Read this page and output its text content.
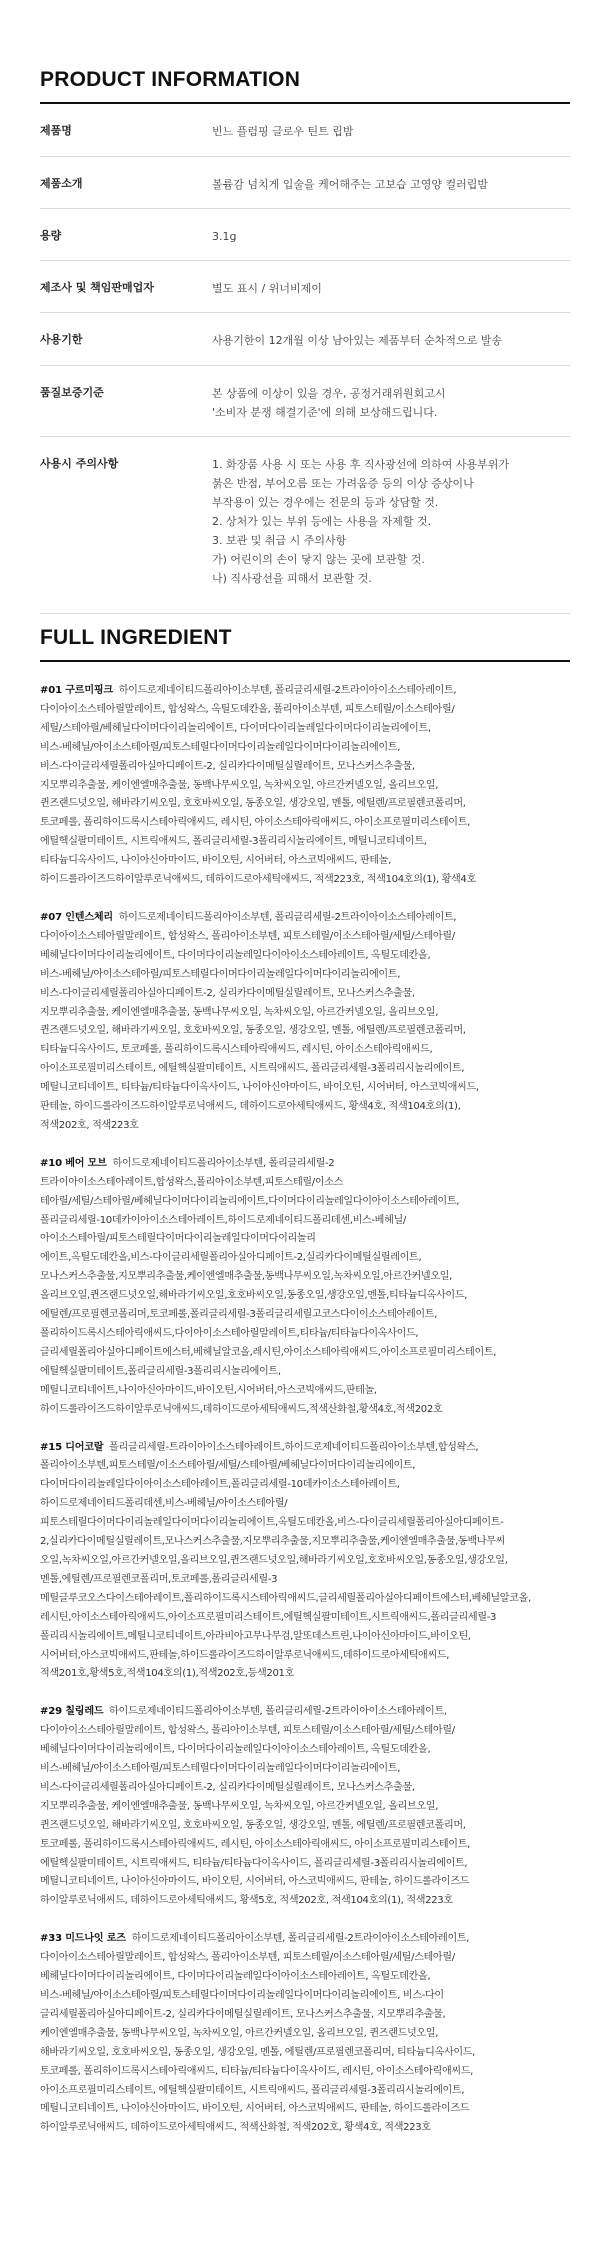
PRODUCT INFORMATION
제품명	빈느 플럼핑 글로우 틴트 립밤
제품소개	볼륨감 넘치게 입술을 케어해주는 고보습 고영양 컬러립밤
용량	3.1g
제조사 및 책임판매업자	별도 표시 / 위너비제이
사용기한	사용기한이 12개월 이상 남아있는 제품부터 순차적으로 발송
품질보증기준	본 상품에 이상이 있을 경우, 공정거래위원회고시
'소비자 분쟁 해결기준'에 의해 보상해드립니다.
사용시 주의사항	1. 화장품 사용 시 또는 사용 후 직사광선에 의하여 사용부위가
붉은 반점, 부어오름 또는 가려움증 등의 이상 증상이나
부작용이 있는 경우에는 전문의 등과 상담할 것.
2. 상처가 있는 부위 등에는 사용을 자제할 것.
3. 보관 및 취급 시 주의사항
가) 어린이의 손이 닿지 않는 곳에 보관할 것.
나) 직사광선을 피해서 보관할 것.
FULL INGREDIENT
#01 구르미핑크 하이드로제네이티드폴리아이소부텐, 폴리글리세릴-2트라이아이소스테아레이트,
다이아이소스테아릴말레이트, 합성왁스, 옥틸도데칸올, 폴리아이소부텐, 피토스테릴/이소스테아릴/
세틸/스테아릴/베헤닐다이머다이리놀리에이트, 다이머다이리놀레일다이머다이리놀리에이트,
비스-베헤닐/아이소스테아릴/피토스테릴다이머다이리놀레일다이머다이리놀리에이트,
비스-다이글리세릴폴리아실아디페이트-2, 실리카다이메틸실릴레이트, 모나스커스추출물,
지모뿌리추출물, 케이엔엘매추출물, 동백나무씨오일, 녹차씨오일, 아르간커넬오일, 올리브오일,
퀸즈랜드넛오일, 해바라기씨오일, 호호바씨오일, 동종오일, 생강오일, 멘톨, 에틸렌/프로필렌코폴리머,
토코페롤, 폴리하이드록시스테아릭애씨드, 레시틴, 아이소스테아릭애씨드, 아이소프로필미리스테이트,
에틸헥실팔미테이트, 시트릭애씨드, 폴리글리세릴-3폴리리시놀리에이트, 메틸니코티네이트,
티타늄디옥사이드, 나이아신아마이드, 바이오틴, 시어버터, 아스코빅애씨드, 판테놀,
하이드롤라이즈드하이알루로닉애씨드, 데하이드로아세틱애씨드, 적색223호, 적색104호의(1), 황색4호
#07 인텐스체리 하이드로제네이티드폴리아이소부텐, 폴리글리세릴-2트라이아이소스테아레이트,
다이아이소스테아릴말레이트, 합성왁스, 폴리아이소부텐, 피토스테릴/이소스테아릴/세틸/스테아릴/
베헤닐다이머다이리놀리에이트, 다이머다이리놀레일다이아이소스테아레이트, 옥틸도데칸올,
비스-베헤닐/아이소스테아릴/피토스테릴다이머다이리놀레일다이머다이리놀리에이트,
비스-다이글리세릴폴리아실아디페이트-2, 실리카다이메틸실릴레이트, 모나스커스추출물,
지모뿌리추출물, 케이엔엘매추출물, 동백나무씨오일, 녹차씨오일, 아르간커넬오일, 올리브오일,
퀸즈랜드넛오일, 해바라기씨오일, 호호바씨오일, 동종오일, 생강오일, 멘톨, 에틸렌/프로필렌코폴리머,
티타늄디옥사이드, 토코페롤, 폴리하이드록시스테아릭애씨드, 레시틴, 아이소스테아릭애씨드,
아이소프로필미리스테이트, 에틸헥실팔미테이트, 시트릭애씨드, 폴리글리세릴-3폴리리시놀리에이트,
메틸니코티네이트, 티타늄/티타늄다이옥사이드, 나이아신아마이드, 바이오틴, 시어버터, 아스코빅애씨드,
판테놀, 하이드롤라이즈드하이알루로닉애씨드, 데하이드로아세틱애씨드, 황색4호, 적색104호의(1),
적색202호, 적색223호
#10 베어 모브 하이드로제네이티드폴리아이소부텐, 폴리글리세릴-2
트라이아이소스테아레이트,합성왁스,폴리아이소부텐,피토스테릴/이소스
테아릴/세틸/스테아릴/베헤닐다이머다이리놀리에이트,다이머다이리놀레일다이아이소스테아레이트,
폴리글리세릴-10데카이아이소스테아레이트,하이드로제네이티드폴리데센,비스-베헤닐/
아이소스테아릴/피토스테릴다이머다이리놀레일다이머다이리놀리
에이트,옥틸도데칸올,비스-다이글리세릴폴리아실아디페이트-2,실리카다이메틸실릴레이트,
모나스커스추출물,지모뿌리추출물,케이엔엘매추출물,동백나무씨오일,녹차씨오일,아르간커넬오일,
올리브오일,퀸즈랜드넛오일,해바라기씨오일,호호바씨오일,동종오일,생강오일,멘톨,티타늄디옥사이드,
에틸렌/프로필렌코폴리머,토코페롤,폴리글리세릴-3폴리글리세릴고코스다이이소스테아레이트,
폴리하이드록시스테아릭애씨드,다이아이소스테아릴말레이트,티타늄/티타늄다이옥사이드,
글리세릴폴리아실아디페이트에스터,베헤닐알코올,레시틴,아이소스테아릭애씨드,아이소프로필미리스테이트,
에틸헥실팔미테이트,폴리글리세릴-3폴리리시놀리에이트,
메틸니코티네이트,나이아신아마이드,바이오틴,시어버터,아스코빅애씨드,판테놀,
하이드롤라이즈드하이알루로닉애씨드,데하이드로아세틱애씨드,적색산화철,황색4호,적색202호
#15 디어코랄 폴리글리세릴-트라이아이소스테아레이트,하이드로제네이티드폴리아이소부텐,합성왁스,
폴리아이소부텐,피토스테릴/이소스테아릴/세틸/스테아릴/베헤닐다이머다이리놀리에이트,
다이머다이리놀레일다이아이소스테아레이트,폴리글리세릴-10데카이소스테아레이트,
하이드로제네이티드폴리데센,비스-베헤닐/아이소스테아릴/
피토스테릴다이머다이리놀레일다이머다이리놀리에이트,옥틸도데칸올,비스-다이글리세릴폴리아실아디페이트-
2,실리카다이메틸실릴레이트,모나스커스추출물,지모뿌리추출물,지모뿌리추출물,케이엔엘매추출물,동백나무씨
오일,녹차씨오일,아르간커넬오일,올리브오일,퀸즈랜드넛오일,해바라기씨오일,호호바씨오일,동종오일,생강오일,
멘톨,에틸렌/프로필렌코폴리머,토코페롤,폴리글리세릴-3
메틸글루코오스다이스테아레이트,폴리하이드록시스테아릭애씨드,글리세릴폴리아실아디페이트에스터,베헤닐알코올,
레시틴,아이소스테아릭애씨드,아이소프로필미리스테이트,에틸헥실팔미테이트,시트릭애씨드,폴리글리세릴-3
폴리리시놀리에이트,메틸니코티네이트,아라비아고무나무검,알또데스트린,나이아신아마이드,바이오틴,
시어버터,아스코빅애씨드,판테놀,하이드롤라이즈드하이알루로닉애씨드,데하이드로아세틱애씨드,
적색201호,황색5호,적색104호의(1),적색202호,등색201호
#29 칠링레드 하이드로제네이티드폴리아이소부텐, 폴리글리세릴-2트라이아이소스테아레이트,
다이아이소스테아릴말레이트, 합성왁스, 폴리아이소부텐, 피토스테릴/이소스테아릴/세틸/스테아릴/
베헤닐다이머다이리놀리에이트, 다이머다이리놀레일다이아이소스테아레이트, 옥틸도데칸올,
비스-베헤닐/아이소스테아릴/피토스테릴다이머다이리놀레일다이머다이리놀리에이트,
비스-다이글리세릴폴리아실아디페이트-2, 실리카다이메틸실릴레이트, 모나스커스추출물,
지모뿌리추출물, 케이엔엘매추출물, 동백나무씨오일, 녹차씨오일, 아르간커넬오일, 올리브오일,
퀸즈랜드넛오일, 해바라기씨오일, 호호바씨오일, 동종오일, 생강오일, 멘톨, 에틸렌/프로필렌코폴리머,
토코페롤, 폴리하이드록시스테아릭애씨드, 레시틴, 아이소스테아릭애씨드, 아이소프로필미리스테이트,
에틸헥실팔미테이트, 시트릭애씨드, 티타늄/티타늄다이옥사이드, 폴리글리세릴-3폴리리시놀리에이트,
메틸니코티네이트, 나이아신아마이드, 바이오틴, 시어버터, 아스코빅애씨드, 판테놀, 하이드롤라이즈드
하이알루로닉애씨드, 데하이드로아세틱애씨드, 황색5호, 적색202호, 적색104호의(1), 적색223호
#33 미드나잇 로즈 하이드로제네이티드폴리아이소부텐, 폴리글리세릴-2트라이아이소스테아레이트,
다이아이소스테아릴말레이트, 합성왁스, 폴리아이소부텐, 피토스테릴/이소스테아릴/세틸/스테아릴/
베헤닐다이머다이리놀리에이트, 다이머다이리놀레일다이아이소스테아레이트, 옥틸도데칸올,
비스-베헤닐/아이소스테아릴/피토스테릴다이머다이리놀레일다이머다이리놀리에이트, 비스-다이
글리세릴폴리아실아디페이트-2, 실리카다이메틸실릴레이트, 모나스커스추출물, 지모뿌리추출물,
케이엔엘매추출물, 동백나무씨오일, 녹차씨오일, 아르간커넬오일, 올리브오일, 퀸즈랜드넛오일,
해바라기씨오일, 호호바씨오일, 동종오일, 생강오일, 멘톨, 에틸렌/프로필렌코폴리머, 티타늄디옥사이드,
토코페롤, 폴리하이드록시스테아릭애씨드, 티타늄/티타늄다이옥사이드, 레시틴, 아이소스테아릭애씨드,
아이소프로필미리스테이트, 에틸헥실팔미테이트, 시트릭애씨드, 폴리글리세릴-3폴리리시놀리에이트,
메틸니코티네이트, 나이아신아마이드, 바이오틴, 시어버터, 아스코빅애씨드, 판테놀, 하이드롤라이즈드
하이알루로닉애씨드, 데하이드로아세틱애씨드, 적색산화철, 적색202호, 황색4호, 적색223호
